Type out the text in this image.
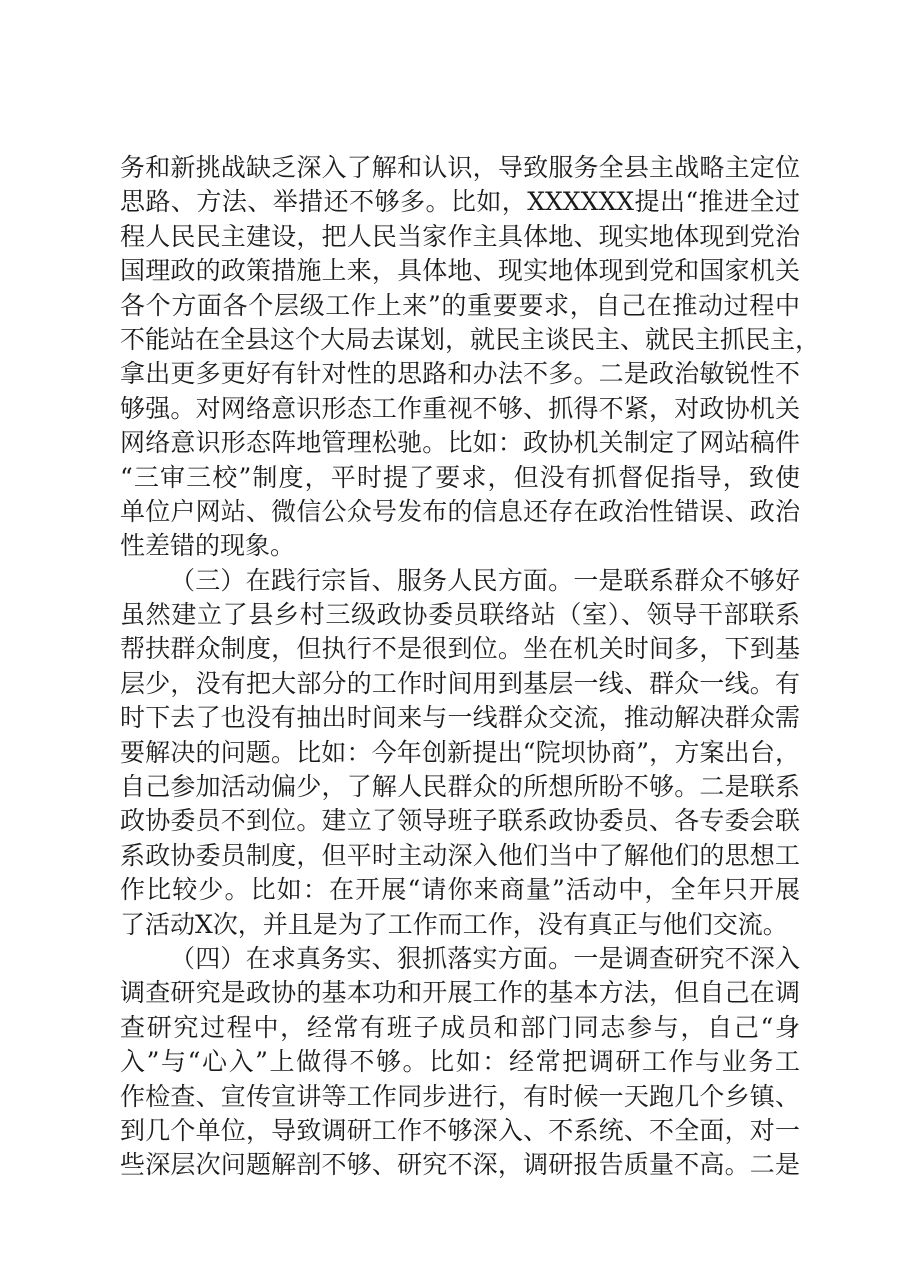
务和新挑战缺乏深入了解和认识，导致服务全县主战略主定位
思路、方法、举措还不够多。比如，XXXXXX提出“推进全过
程人民民主建设，把人民当家作主具体地、现实地体现到党治
国理政的政策措施上来，具体地、现实地体现到党和国家机关
各个方面各个层级工作上来”的重要要求，自己在推动过程中
不能站在全县这个大局去谋划，就民主谈民主、就民主抓民主，
拿出更多更好有针对性的思路和办法不多。二是政治敏锐性不
够强。对网络意识形态工作重视不够、抓得不紧，对政协机关
网络意识形态阵地管理松驰。比如：政协机关制定了网站稿件
“三审三校”制度，平时提了要求，但没有抓督促指导，致使
单位户网站、微信公众号发布的信息还存在政治性错误、政治
性差错的现象。
（三）在践行宗旨、服务人民方面。一是联系群众不够好
虽然建立了县乡村三级政协委员联络站（室）、领导干部联系
帮扶群众制度，但执行不是很到位。坐在机关时间多，下到基
层少，没有把大部分的工作时间用到基层一线、群众一线。有
时下去了也没有抽出时间来与一线群众交流，推动解决群众需
要解决的问题。比如：今年创新提出“院坝协商”，方案出台，
自己参加活动偏少，了解人民群众的所想所盼不够。二是联系
政协委员不到位。建立了领导班子联系政协委员、各专委会联
系政协委员制度，但平时主动深入他们当中了解他们的思想工
作比较少。比如：在开展“请你来商量”活动中，全年只开展
了活动X次，并且是为了工作而工作，没有真正与他们交流。
（四）在求真务实、狠抓落实方面。一是调查研究不深入
调查研究是政协的基本功和开展工作的基本方法，但自己在调
查研究过程中，经常有班子成员和部门同志参与，自己“身
入”与“心入”上做得不够。比如：经常把调研工作与业务工
作检查、宣传宣讲等工作同步进行，有时候一天跑几个乡镇、
到几个单位，导致调研工作不够深入、不系统、不全面，对一
些深层次问题解剖不够、研究不深，调研报告质量不高。二是
